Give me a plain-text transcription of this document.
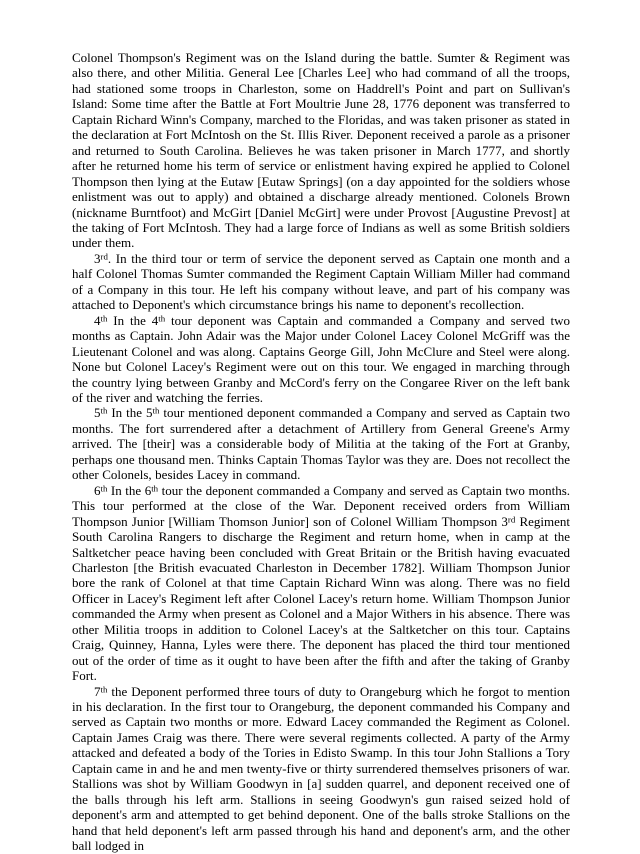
Colonel Thompson's Regiment was on the Island during the battle. Sumter & Regiment was also there, and other Militia. General Lee [Charles Lee] who had command of all the troops, had stationed some troops in Charleston, some on Haddrell's Point and part on Sullivan's Island: Some time after the Battle at Fort Moultrie June 28, 1776 deponent was transferred to Captain Richard Winn's Company, marched to the Floridas, and was taken prisoner as stated in the declaration at Fort McIntosh on the St. Illis River. Deponent received a parole as a prisoner and returned to South Carolina. Believes he was taken prisoner in March 1777, and shortly after he returned home his term of service or enlistment having expired he applied to Colonel Thompson then lying at the Eutaw [Eutaw Springs] (on a day appointed for the soldiers whose enlistment was out to apply) and obtained a discharge already mentioned. Colonels Brown (nickname Burntfoot) and McGirt [Daniel McGirt] were under Provost [Augustine Prevost] at the taking of Fort McIntosh. They had a large force of Indians as well as some British soldiers under them.

3rd. In the third tour or term of service the deponent served as Captain one month and a half Colonel Thomas Sumter commanded the Regiment Captain William Miller had command of a Company in this tour. He left his company without leave, and part of his company was attached to Deponent's which circumstance brings his name to deponent's recollection.

4th In the 4th tour deponent was Captain and commanded a Company and served two months as Captain. John Adair was the Major under Colonel Lacey Colonel McGriff was the Lieutenant Colonel and was along. Captains George Gill, John McClure and Steel were along. None but Colonel Lacey's Regiment were out on this tour. We engaged in marching through the country lying between Granby and McCord's ferry on the Congaree River on the left bank of the river and watching the ferries.

5th In the 5th tour mentioned deponent commanded a Company and served as Captain two months. The fort surrendered after a detachment of Artillery from General Greene's Army arrived. The [their] was a considerable body of Militia at the taking of the Fort at Granby, perhaps one thousand men. Thinks Captain Thomas Taylor was they are. Does not recollect the other Colonels, besides Lacey in command.

6th In the 6th tour the deponent commanded a Company and served as Captain two months. This tour performed at the close of the War. Deponent received orders from William Thompson Junior [William Thomson Junior] son of Colonel William Thompson 3rd Regiment South Carolina Rangers to discharge the Regiment and return home, when in camp at the Saltketcher peace having been concluded with Great Britain or the British having evacuated Charleston [the British evacuated Charleston in December 1782]. William Thompson Junior bore the rank of Colonel at that time Captain Richard Winn was along. There was no field Officer in Lacey's Regiment left after Colonel Lacey's return home. William Thompson Junior commanded the Army when present as Colonel and a Major Withers in his absence. There was other Militia troops in addition to Colonel Lacey's at the Saltketcher on this tour. Captains Craig, Quinney, Hanna, Lyles were there. The deponent has placed the third tour mentioned out of the order of time as it ought to have been after the fifth and after the taking of Granby Fort.

7th the Deponent performed three tours of duty to Orangeburg which he forgot to mention in his declaration. In the first tour to Orangeburg, the deponent commanded his Company and served as Captain two months or more. Edward Lacey commanded the Regiment as Colonel. Captain James Craig was there. There were several regiments collected. A party of the Army attacked and defeated a body of the Tories in Edisto Swamp. In this tour John Stallions a Tory Captain came in and he and men twenty-five or thirty surrendered themselves prisoners of war. Stallions was shot by William Goodwyn in [a] sudden quarrel, and deponent received one of the balls through his left arm. Stallions in seeing Goodwyn's gun raised seized hold of deponent's arm and attempted to get behind deponent. One of the balls stroke Stallions on the hand that held deponent's left arm passed through his hand and deponent's arm, and the other ball lodged in
